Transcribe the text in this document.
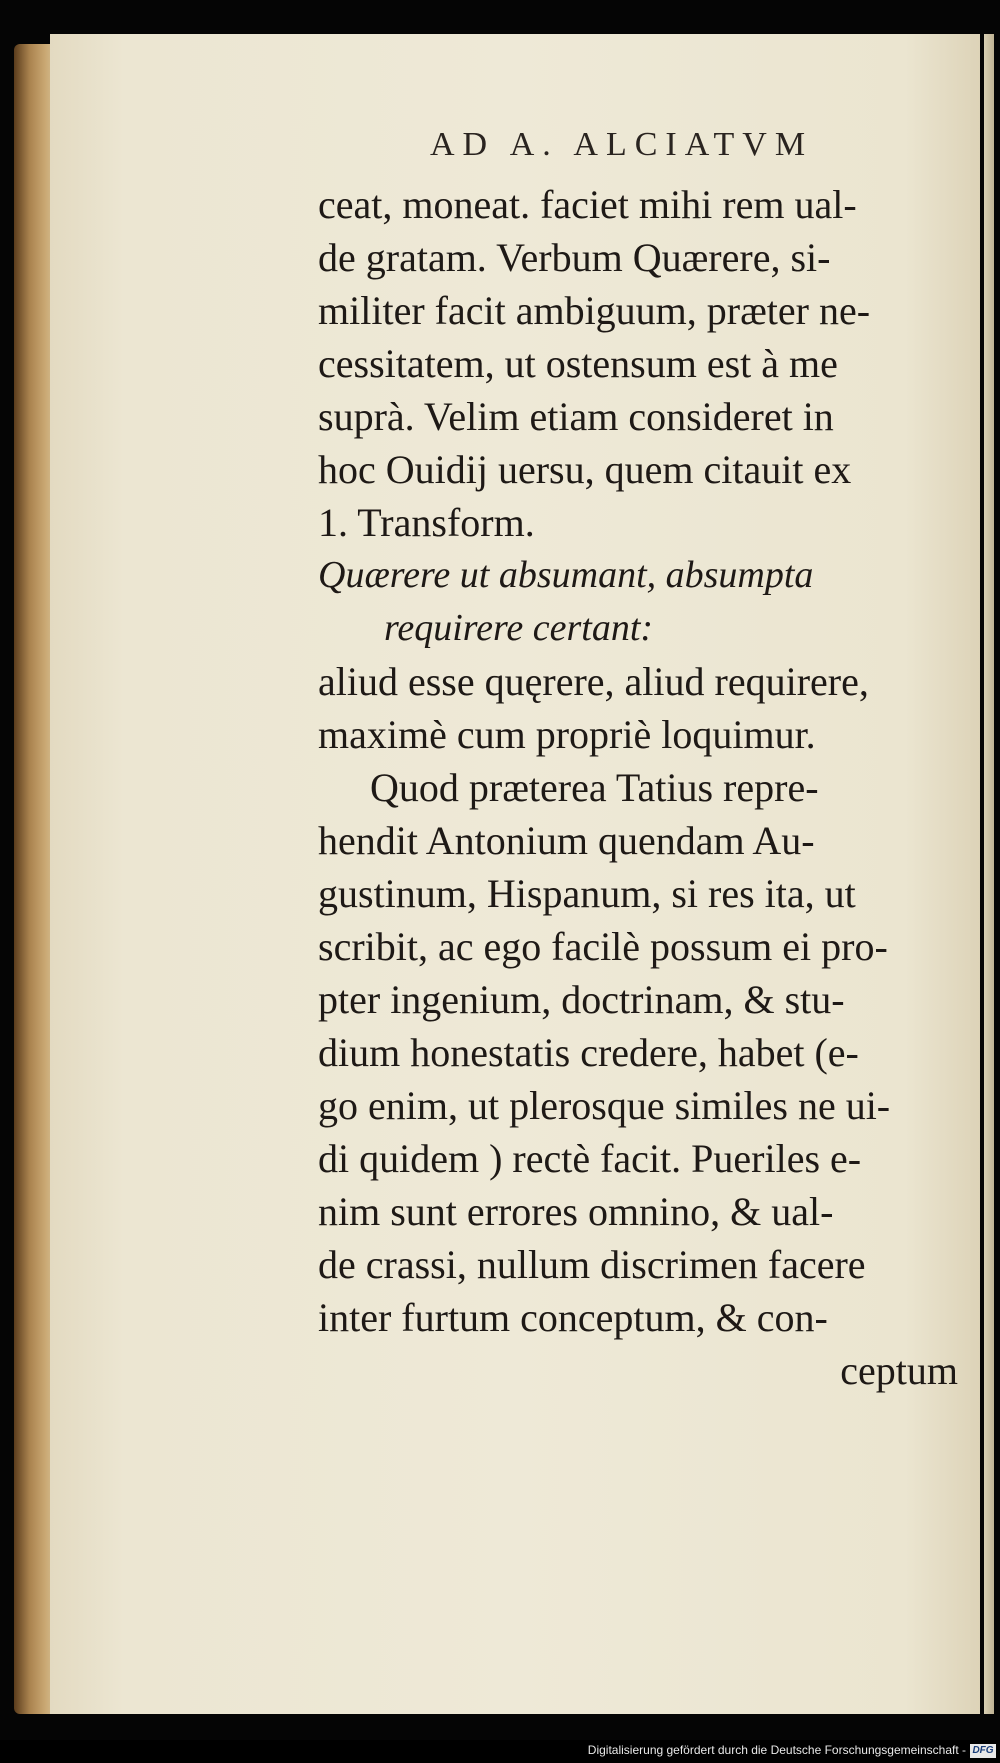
AD A. ALCIATVM
ceat, moneat. faciet mihi rem ual-
de gratam. Verbum Quærere, si-
militer facit ambiguum, præter ne-
cessitatem, ut ostensum est à me
suprà. Velim etiam consideret in
hoc Ouidij uersu, quem citauit ex
1. Transform.
Quærere ut absumant, absumpta
requirere certant:
aliud esse quęrere, aliud requirere,
maximè cum propriè loquimur.
Quod præterea Tatius repre-
hendit Antonium quendam Au-
gustinum, Hispanum, si res ita, ut
scribit, ac ego facilè possum ei pro-
pter ingenium, doctrinam, & stu-
dium honestatis credere, habet (e-
go enim, ut plerosque similes ne ui-
di quidem ) rectè facit. Pueriles e-
nim sunt errores omnino, & ual-
de crassi, nullum discrimen facere
inter furtum conceptum, & con-
ceptum
Digitalisierung gefördert durch die Deutsche Forschungsgemeinschaft - DFG
